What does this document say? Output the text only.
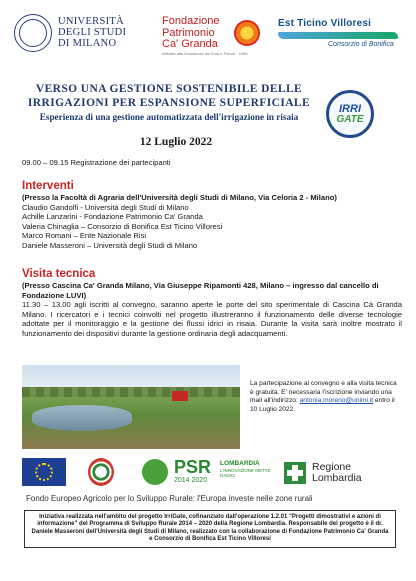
UNIVERSITÀ
DEGLI STUDI
DI MILANO
Fondazione
Patrimonio
Ca' Granda
Abbiate alla Grandezza tra Cura e Futuro · 1456
Est Ticino Villoresi
Consorzio di Bonifica
VERSO UNA GESTIONE SOSTENIBILE DELLE
IRRIGAZIONI PER ESPANSIONE SUPERFICIALE
Esperienza di una gestione automatizzata dell'irrigazione in risaia
IRRI
GATE
12 Luglio 2022
09.00 – 09.15 Registrazione dei partecipanti
Interventi
(Presso la Facoltà di Agraria dell'Università degli Studi di Milano, Via Celoria 2 - Milano)
Claudio Gandolfi - Università degli Studi di Milano
Achille Lanzarini - Fondazione Patrimonio Ca' Granda
Valeria Chinaglia – Consorzio di Bonifica Est Ticino Villoresi
Marco Romani – Ente Nazionale Risi
Daniele Masseroni – Università degli Studi di Milano
Visita tecnica
(Presso Cascina Ca' Granda Milano, Via Giuseppe Ripamonti 428, Milano – ingresso dal cancello di Fondazione LUVI)
11.30 – 13.00 agli iscritti al convegno, saranno aperte le porte del sito sperimentale di Cascina Cà Granda Milano. I ricercatori e i tecnici coinvolti nel progetto illustreranno il funzionamento delle diverse tecnologie adottate per il monitoraggio e la gestione dei flussi idrici in risaia. Durante la visita sarà inoltre mostrato il funzionamento dei dispositivi durante la gestione ordinaria degli adacquamenti.
La partecipazione al convegno e alla visita tecnica è gratuita. E' necessaria l'iscrizione inviando una mail all'indirizzo: antonia.moreno@unimi.it entro il 10 Luglio 2022.
PSR
2014 2020
LOMBARDIA
L'INNOVAZIONE METTE RADICI
Regione
Lombardia
Fondo Europeo Agricolo per lo Sviluppo Rurale: l'Europa investe nelle zone rurali
Iniziativa realizzata nell'ambito del progetto IrriGate, cofinanziato dall'operazione 1.2.01 "Progetti dimostrativi e azioni di informazione" del Programma di Sviluppo Rurale 2014 – 2020 della Regione Lombardia. Responsabile del progetto è il dr. Daniele Masseroni dell'Università degli Studi di Milano, realizzato con la collaborazione di Fondazione Patrimonio Ca' Granda e Consorzio di Bonifica Est Ticino Villoresi
